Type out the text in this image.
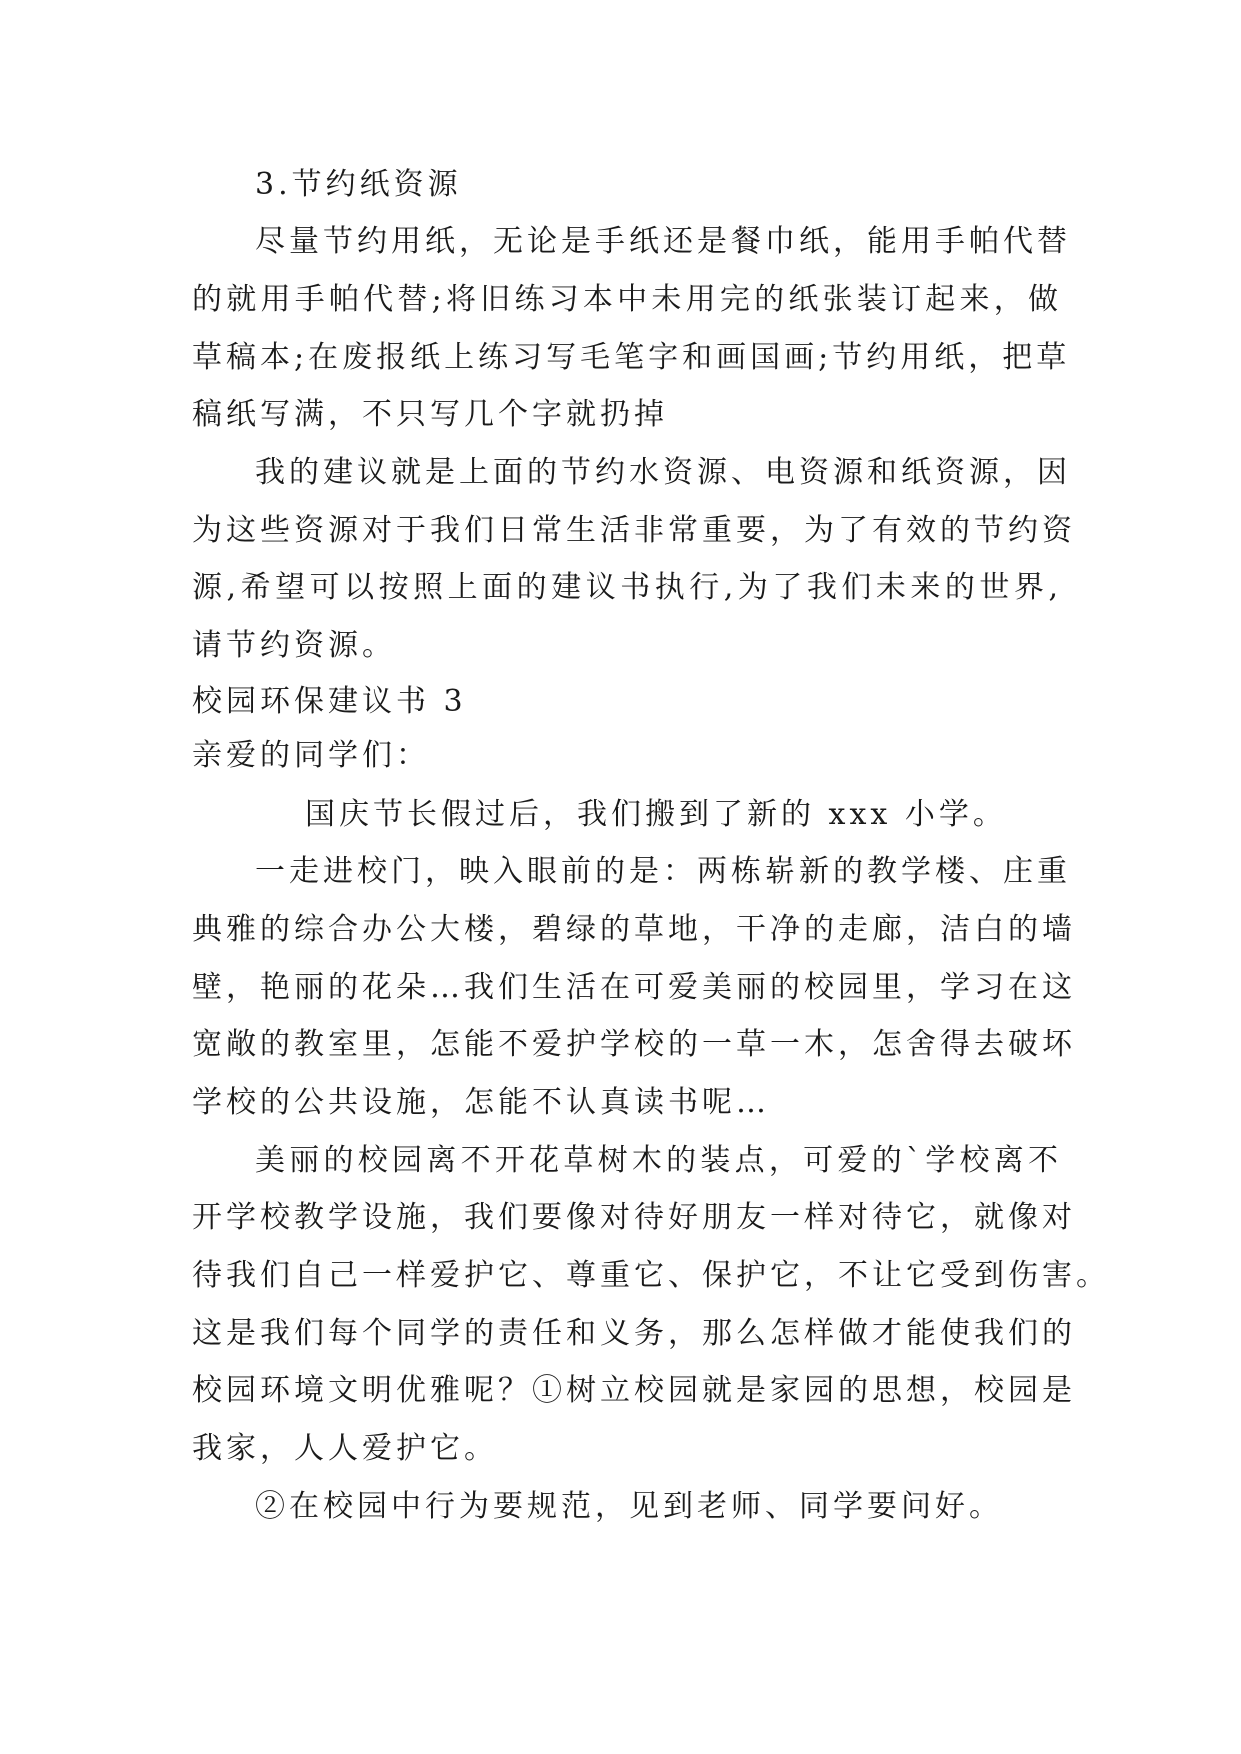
3.节约纸资源
尽量节约用纸，无论是手纸还是餐巾纸，能用手帕代替
的就用手帕代替;将旧练习本中未用完的纸张装订起来，做
草稿本;在废报纸上练习写毛笔字和画国画;节约用纸，把草
稿纸写满，不只写几个字就扔掉
我的建议就是上面的节约水资源、电资源和纸资源，因
为这些资源对于我们日常生活非常重要，为了有效的节约资
源,希望可以按照上面的建议书执行,为了我们未来的世界,
请节约资源。
校园环保建议书 3
亲爱的同学们：
国庆节长假过后，我们搬到了新的 xxx 小学。
一走进校门，映入眼前的是：两栋崭新的教学楼、庄重
典雅的综合办公大楼，碧绿的草地，干净的走廊，洁白的墙
壁，艳丽的花朵…我们生活在可爱美丽的校园里，学习在这
宽敞的教室里，怎能不爱护学校的一草一木，怎舍得去破坏
学校的公共设施，怎能不认真读书呢…
美丽的校园离不开花草树木的装点，可爱的`学校离不
开学校教学设施，我们要像对待好朋友一样对待它，就像对
待我们自己一样爱护它、尊重它、保护它，不让它受到伤害。
这是我们每个同学的责任和义务，那么怎样做才能使我们的
校园环境文明优雅呢？①树立校园就是家园的思想，校园是
我家，人人爱护它。
②在校园中行为要规范，见到老师、同学要问好。
